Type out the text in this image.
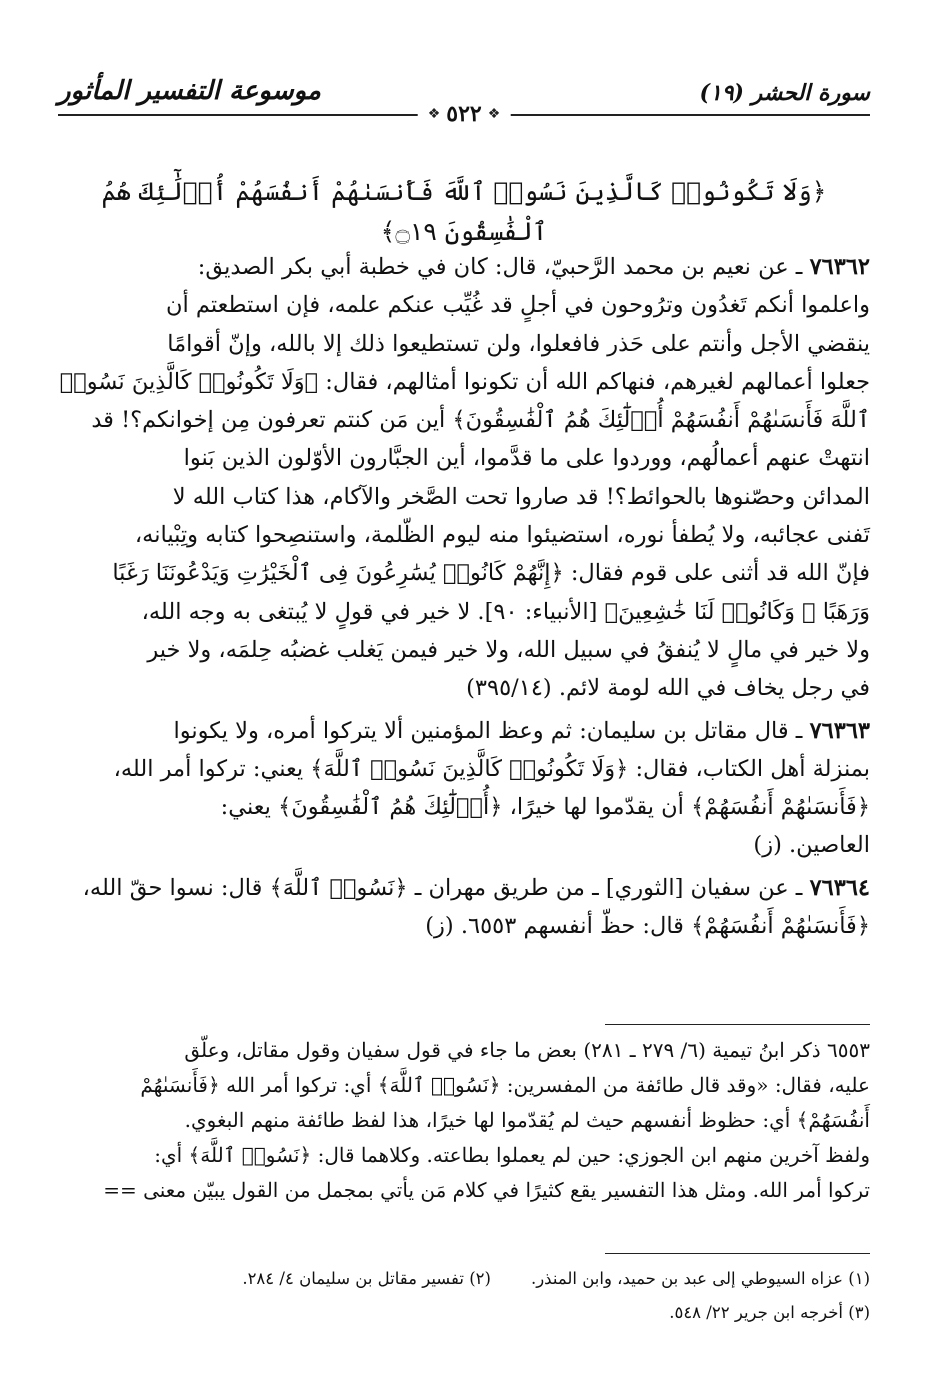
موسوعة التفسير المأثور	سورة الحشر (١٩)
❖ ٥٢٢ ❖
﴿وَلَا تَكُونُوا۟ كَالَّذِينَ نَسُوا۟ ٱللَّهَ فَأَنسَىٰهُمْ أَنفُسَهُمْ أُو۟لَٰٓئِكَ هُمُ ٱلْفَٰسِقُونَ ۝١٩﴾

٧٦٣٦٢ ـ عن نعيم بن محمد الرَّحبيّ، قال: كان في خطبة أبي بكر الصديق:

واعلموا أنكم تَغدُون وترُوحون في أجلٍ قد غُيِّب عنكم علمه، فإن استطعتم أن

ينقضي الأجل وأنتم على حَذر فافعلوا، ولن تستطيعوا ذلك إلا بالله، وإنّ أقوامًا

جعلوا أعمالهم لغيرهم، فنهاكم الله أن تكونوا أمثالهم، فقال: ﴿وَلَا تَكُونُوا۟ كَالَّذِينَ نَسُوا۟

ٱللَّهَ فَأَنسَىٰهُمْ أَنفُسَهُمْ أُو۟لَٰٓئِكَ هُمُ ٱلْفَٰسِقُونَ﴾ أين مَن كنتم تعرفون مِن إخوانكم؟! قد

انتهتْ عنهم أعمالُهم، ووردوا على ما قدَّموا، أين الجبَّارون الأوّلون الذين بَنوا

المدائن وحصّنوها بالحوائط؟! قد صاروا تحت الصَّخر والآكام، هذا كتاب الله لا

تَفنى عجائبه، ولا يُطفأ نوره، استضيئوا منه ليوم الظّلمة، واستنصِحوا كتابه وتِبْيانه،

فإنّ الله قد أثنى على قوم فقال: ﴿إِنَّهُمْ كَانُوا۟ يُسَٰرِعُونَ فِى ٱلْخَيْرَٰتِ وَيَدْعُونَنَا رَغَبًا

وَرَهَبًا ۖ وَكَانُوا۟ لَنَا خَٰشِعِينَ﴾ [الأنبياء: ٩٠]. لا خير في قولٍ لا يُبتغى به وجه الله،

ولا خير في مالٍ لا يُنفقُ في سبيل الله، ولا خير فيمن يَغلب غضبُه حِلمَه، ولا خير

في رجل يخاف في الله لومة لائم. (٣٩٥/١٤)

٧٦٣٦٣ ـ قال مقاتل بن سليمان: ثم وعظ المؤمنين ألا يتركوا أمره، ولا يكونوا

بمنزلة أهل الكتاب، فقال: ﴿وَلَا تَكُونُوا۟ كَالَّذِينَ نَسُوا۟ ٱللَّهَ﴾ يعني: تركوا أمر الله،

﴿فَأَنسَىٰهُمْ أَنفُسَهُمْ﴾ أن يقدّموا لها خيرًا، ﴿أُو۟لَٰٓئِكَ هُمُ ٱلْفَٰسِقُونَ﴾ يعني:

العاصين. (ز)

٧٦٣٦٤ ـ عن سفيان [الثوري] ـ من طريق مهران ـ ﴿نَسُوا۟ ٱللَّهَ﴾ قال: نسوا حقّ الله،

﴿فَأَنسَىٰهُمْ أَنفُسَهُمْ﴾ قال: حظّ أنفسهم ٦٥٥٣. (ز)

٦٥٥٣ ذكر ابنُ تيمية (٦/ ٢٧٩ ـ ٢٨١) بعض ما جاء في قول سفيان وقول مقاتل، وعلّق

عليه، فقال: «وقد قال طائفة من المفسرين: ﴿نَسُوا۟ ٱللَّهَ﴾ أي: تركوا أمر الله ﴿فَأَنسَىٰهُمْ

أَنفُسَهُمْ﴾ أي: حظوظ أنفسهم حيث لم يُقدّموا لها خيرًا، هذا لفظ طائفة منهم البغوي.

ولفظ آخرين منهم ابن الجوزي: حين لم يعملوا بطاعته. وكلاهما قال: ﴿نَسُوا۟ ٱللَّهَ﴾ أي:

تركوا أمر الله. ومثل هذا التفسير يقع كثيرًا في كلام مَن يأتي بمجمل من القول يبيّن معنى ==

(١) عزاه السيوطي إلى عبد بن حميد، وابن المنذر.
(٢) تفسير مقاتل بن سليمان ٤/ ٢٨٤.
(٣) أخرجه ابن جرير ٢٢/ ٥٤٨.
